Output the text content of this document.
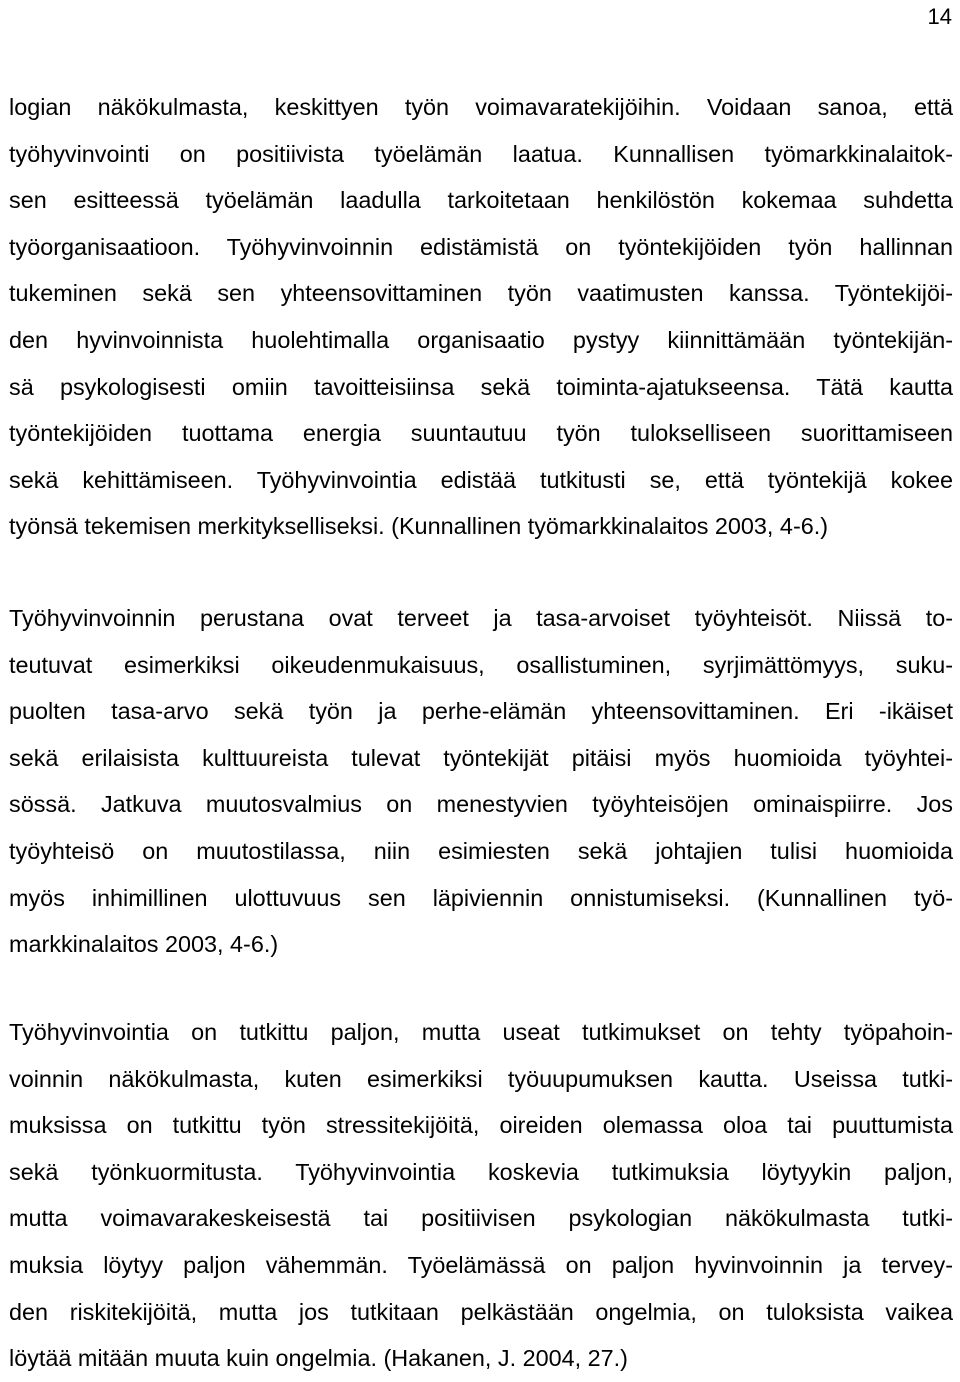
14
logian näkökulmasta, keskittyen työn voimavaratekijöihin. Voidaan sanoa, että
työhyvinvointi on positiivista työelämän laatua. Kunnallisen työmarkkinalaitok-
sen esitteessä työelämän laadulla tarkoitetaan henkilöstön kokemaa suhdetta
työorganisaatioon. Työhyvinvoinnin edistämistä on työntekijöiden työn hallinnan
tukeminen sekä sen yhteensovittaminen työn vaatimusten kanssa. Työntekijöi-
den hyvinvoinnista huolehtimalla organisaatio pystyy kiinnittämään työntekijän-
sä psykologisesti omiin tavoitteisiinsa sekä toiminta-ajatukseensa. Tätä kautta
työntekijöiden tuottama energia suuntautuu työn tulokselliseen suorittamiseen
sekä kehittämiseen. Työhyvinvointia edistää tutkitusti se, että työntekijä kokee
työnsä tekemisen merkitykselliseksi. (Kunnallinen työmarkkinalaitos 2003, 4-6.)
Työhyvinvoinnin perustana ovat terveet ja tasa-arvoiset työyhteisöt. Niissä to-
teutuvat esimerkiksi oikeudenmukaisuus, osallistuminen, syrjimättömyys, suku-
puolten tasa-arvo sekä työn ja perhe-elämän yhteensovittaminen. Eri -ikäiset
sekä erilaisista kulttuureista tulevat työntekijät pitäisi myös huomioida työyhtei-
sössä. Jatkuva muutosvalmius on menestyvien työyhteisöjen ominaispiirre. Jos
työyhteisö on muutostilassa, niin esimiesten sekä johtajien tulisi huomioida
myös inhimillinen ulottuvuus sen läpiviennin onnistumiseksi. (Kunnallinen työ-
markkinalaitos 2003, 4-6.)
Työhyvinvointia on tutkittu paljon, mutta useat tutkimukset on tehty työpahoin-
voinnin näkökulmasta, kuten esimerkiksi työuupumuksen kautta. Useissa tutki-
muksissa on tutkittu työn stressitekijöitä, oireiden olemassa oloa tai puuttumista
sekä työnkuormitusta. Työhyvinvointia koskevia tutkimuksia löytyykin paljon,
mutta voimavarakeskeisestä tai positiivisen psykologian näkökulmasta tutki-
muksia löytyy paljon vähemmän. Työelämässä on paljon hyvinvoinnin ja tervey-
den riskitekijöitä, mutta jos tutkitaan pelkästään ongelmia, on tuloksista vaikea
löytää mitään muuta kuin ongelmia. (Hakanen, J. 2004, 27.)
